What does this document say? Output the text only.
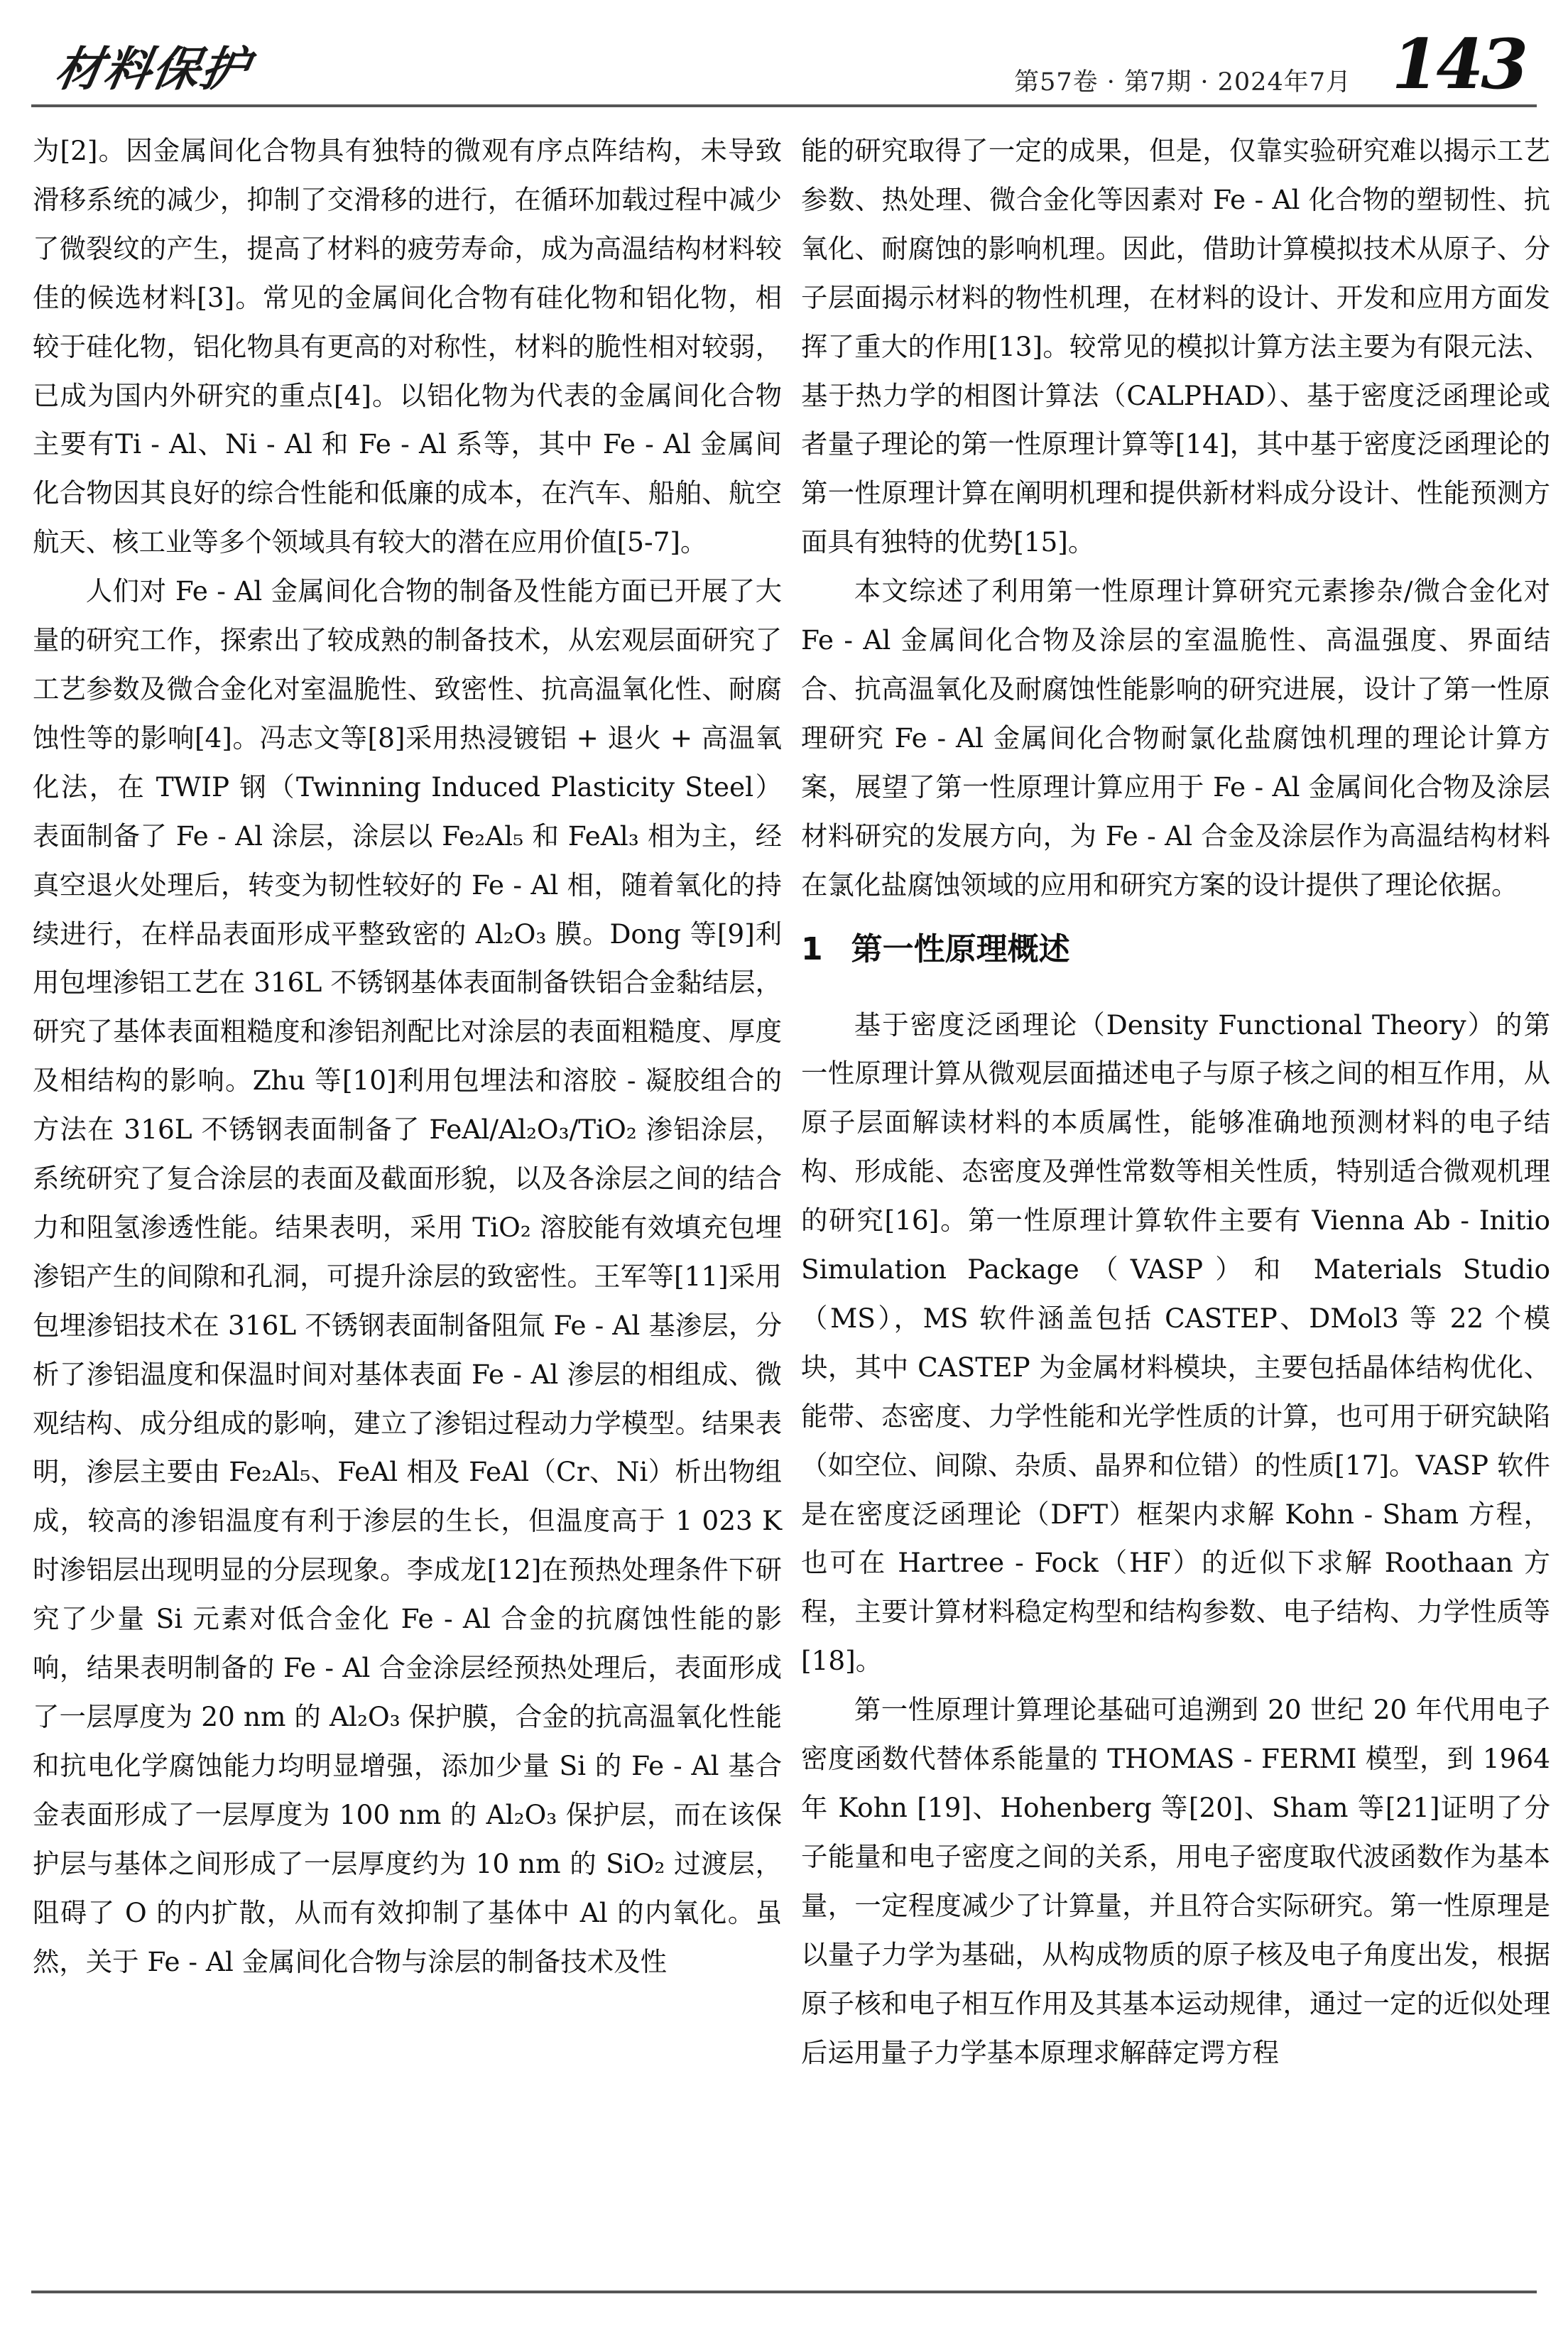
材料保护	第57卷 · 第7期 · 2024年7月 143

为[2]。因金属间化合物具有独特的微观有序点阵结构，未导致滑移系统的减少，抑制了交滑移的进行，在循环加载过程中减少了微裂纹的产生，提高了材料的疲劳寿命，成为高温结构材料较佳的候选材料[3]。常见的金属间化合物有硅化物和铝化物，相较于硅化物，铝化物具有更高的对称性，材料的脆性相对较弱，已成为国内外研究的重点[4]。以铝化物为代表的金属间化合物主要有Ti - Al、Ni - Al 和 Fe - Al 系等，其中 Fe - Al 金属间化合物因其良好的综合性能和低廉的成本，在汽车、船舶、航空航天、核工业等多个领域具有较大的潜在应用价值[5-7]。

人们对 Fe - Al 金属间化合物的制备及性能方面已开展了大量的研究工作，探索出了较成熟的制备技术，从宏观层面研究了工艺参数及微合金化对室温脆性、致密性、抗高温氧化性、耐腐蚀性等的影响[4]。冯志文等[8]采用热浸镀铝 + 退火 + 高温氧化法，在 TWIP 钢（Twinning Induced Plasticity Steel）表面制备了 Fe - Al 涂层，涂层以 Fe₂Al₅ 和 FeAl₃ 相为主，经真空退火处理后，转变为韧性较好的 Fe - Al 相，随着氧化的持续进行，在样品表面形成平整致密的 Al₂O₃ 膜。Dong 等[9]利用包埋渗铝工艺在 316L 不锈钢基体表面制备铁铝合金黏结层，研究了基体表面粗糙度和渗铝剂配比对涂层的表面粗糙度、厚度及相结构的影响。Zhu 等[10]利用包埋法和溶胶 - 凝胶组合的方法在 316L 不锈钢表面制备了 FeAl/Al₂O₃/TiO₂ 渗铝涂层，系统研究了复合涂层的表面及截面形貌，以及各涂层之间的结合力和阻氢渗透性能。结果表明，采用 TiO₂ 溶胶能有效填充包埋渗铝产生的间隙和孔洞，可提升涂层的致密性。王军等[11]采用包埋渗铝技术在 316L 不锈钢表面制备阻氚 Fe - Al 基渗层，分析了渗铝温度和保温时间对基体表面 Fe - Al 渗层的相组成、微观结构、成分组成的影响，建立了渗铝过程动力学模型。结果表明，渗层主要由 Fe₂Al₅、FeAl 相及 FeAl（Cr、Ni）析出物组成，较高的渗铝温度有利于渗层的生长，但温度高于 1 023 K 时渗铝层出现明显的分层现象。李成龙[12]在预热处理条件下研究了少量 Si 元素对低合金化 Fe - Al 合金的抗腐蚀性能的影响，结果表明制备的 Fe - Al 合金涂层经预热处理后，表面形成了一层厚度为 20 nm 的 Al₂O₃ 保护膜，合金的抗高温氧化性能和抗电化学腐蚀能力均明显增强，添加少量 Si 的 Fe - Al 基合金表面形成了一层厚度为 100 nm 的 Al₂O₃ 保护层，而在该保护层与基体之间形成了一层厚度约为 10 nm 的 SiO₂ 过渡层，阻碍了 O 的内扩散，从而有效抑制了基体中 Al 的内氧化。虽然，关于 Fe - Al 金属间化合物与涂层的制备技术及性

能的研究取得了一定的成果，但是，仅靠实验研究难以揭示工艺参数、热处理、微合金化等因素对 Fe - Al 化合物的塑韧性、抗氧化、耐腐蚀的影响机理。因此，借助计算模拟技术从原子、分子层面揭示材料的物性机理，在材料的设计、开发和应用方面发挥了重大的作用[13]。较常见的模拟计算方法主要为有限元法、基于热力学的相图计算法（CALPHAD）、基于密度泛函理论或者量子理论的第一性原理计算等[14]，其中基于密度泛函理论的第一性原理计算在阐明机理和提供新材料成分设计、性能预测方面具有独特的优势[15]。

本文综述了利用第一性原理计算研究元素掺杂/微合金化对 Fe - Al 金属间化合物及涂层的室温脆性、高温强度、界面结合、抗高温氧化及耐腐蚀性能影响的研究进展，设计了第一性原理研究 Fe - Al 金属间化合物耐氯化盐腐蚀机理的理论计算方案，展望了第一性原理计算应用于 Fe - Al 金属间化合物及涂层材料研究的发展方向，为 Fe - Al 合金及涂层作为高温结构材料在氯化盐腐蚀领域的应用和研究方案的设计提供了理论依据。

1 第一性原理概述

基于密度泛函理论（Density Functional Theory）的第一性原理计算从微观层面描述电子与原子核之间的相互作用，从原子层面解读材料的本质属性，能够准确地预测材料的电子结构、形成能、态密度及弹性常数等相关性质，特别适合微观机理的研究[16]。第一性原理计算软件主要有 Vienna Ab - Initio Simulation Package（VASP）和 Materials Studio（MS），MS 软件涵盖包括 CASTEP、DMol3 等 22 个模块，其中 CASTEP 为金属材料模块，主要包括晶体结构优化、能带、态密度、力学性能和光学性质的计算，也可用于研究缺陷（如空位、间隙、杂质、晶界和位错）的性质[17]。VASP 软件是在密度泛函理论（DFT）框架内求解 Kohn - Sham 方程，也可在 Hartree - Fock（HF）的近似下求解 Roothaan 方程，主要计算材料稳定构型和结构参数、电子结构、力学性质等[18]。

第一性原理计算理论基础可追溯到 20 世纪 20 年代用电子密度函数代替体系能量的 THOMAS - FERMI 模型，到 1964 年 Kohn [19]、Hohenberg 等[20]、Sham 等[21]证明了分子能量和电子密度之间的关系，用电子密度取代波函数作为基本量，一定程度减少了计算量，并且符合实际研究。第一性原理是以量子力学为基础，从构成物质的原子核及电子角度出发，根据原子核和电子相互作用及其基本运动规律，通过一定的近似处理后运用量子力学基本原理求解薛定谔方程
